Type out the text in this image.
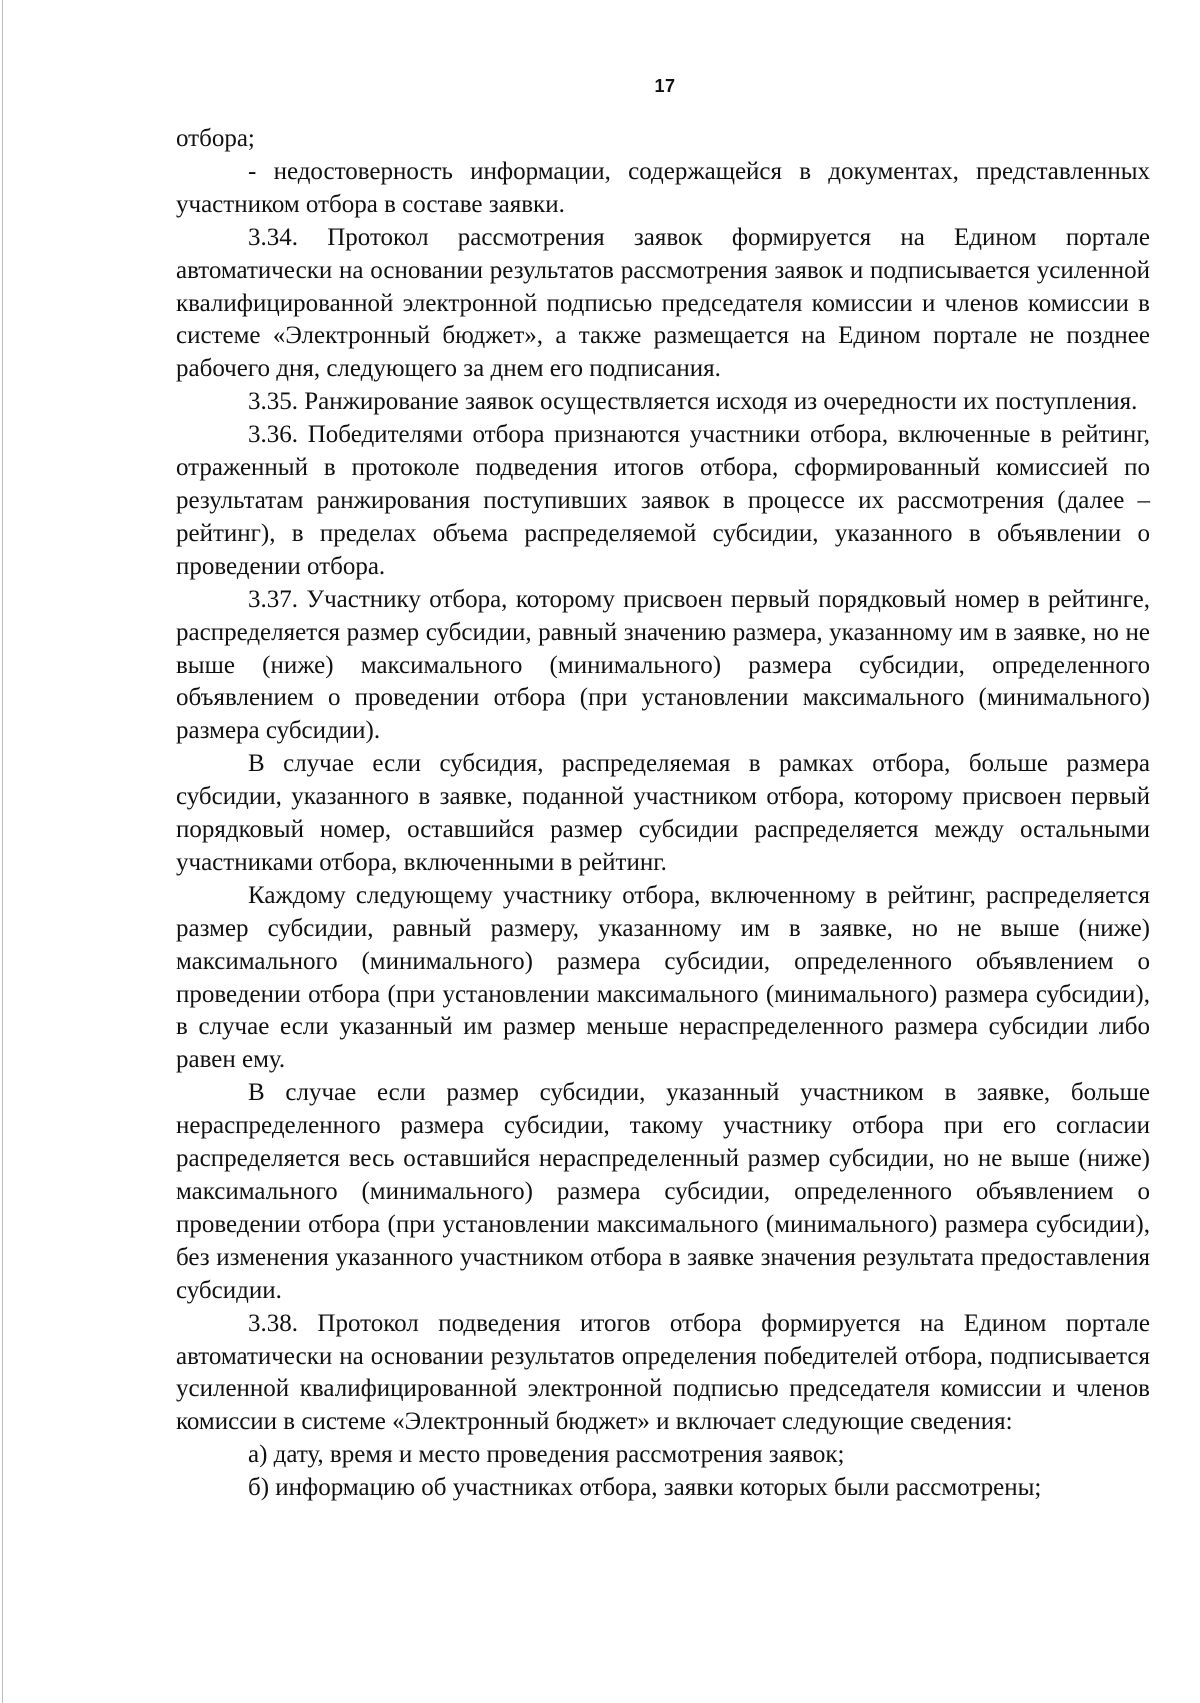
17

отбора;

- недостоверность информации, содержащейся в документах, представленных участником отбора в составе заявки.

3.34. Протокол рассмотрения заявок формируется на Едином портале автоматически на основании результатов рассмотрения заявок и подписывается усиленной квалифицированной электронной подписью председателя комиссии и членов комиссии в системе «Электронный бюджет», а также размещается на Едином портале не позднее рабочего дня, следующего за днем его подписания.

3.35. Ранжирование заявок осуществляется исходя из очередности их поступления.

3.36. Победителями отбора признаются участники отбора, включенные в рейтинг, отраженный в протоколе подведения итогов отбора, сформированный комиссией по результатам ранжирования поступивших заявок в процессе их рассмотрения (далее – рейтинг), в пределах объема распределяемой субсидии, указанного в объявлении о проведении отбора.

3.37. Участнику отбора, которому присвоен первый порядковый номер в рейтинге, распределяется размер субсидии, равный значению размера, указанному им в заявке, но не выше (ниже) максимального (минимального) размера субсидии, определенного объявлением о проведении отбора (при установлении максимального (минимального) размера субсидии).

В случае если субсидия, распределяемая в рамках отбора, больше размера субсидии, указанного в заявке, поданной участником отбора, которому присвоен первый порядковый номер, оставшийся размер субсидии распределяется между остальными участниками отбора, включенными в рейтинг.

Каждому следующему участнику отбора, включенному в рейтинг, распределяется размер субсидии, равный размеру, указанному им в заявке, но не выше (ниже) максимального (минимального) размера субсидии, определенного объявлением о проведении отбора (при установлении максимального (минимального) размера субсидии), в случае если указанный им размер меньше нераспределенного размера субсидии либо равен ему.

В случае если размер субсидии, указанный участником в заявке, больше нераспределенного размера субсидии, такому участнику отбора при его согласии распределяется весь оставшийся нераспределенный размер субсидии, но не выше (ниже) максимального (минимального) размера субсидии, определенного объявлением о проведении отбора (при установлении максимального (минимального) размера субсидии), без изменения указанного участником отбора в заявке значения результата предоставления субсидии.

3.38. Протокол подведения итогов отбора формируется на Едином портале автоматически на основании результатов определения победителей отбора, подписывается усиленной квалифицированной электронной подписью председателя комиссии и членов комиссии в системе «Электронный бюджет» и включает следующие сведения:

а) дату, время и место проведения рассмотрения заявок;

б) информацию об участниках отбора, заявки которых были рассмотрены;
